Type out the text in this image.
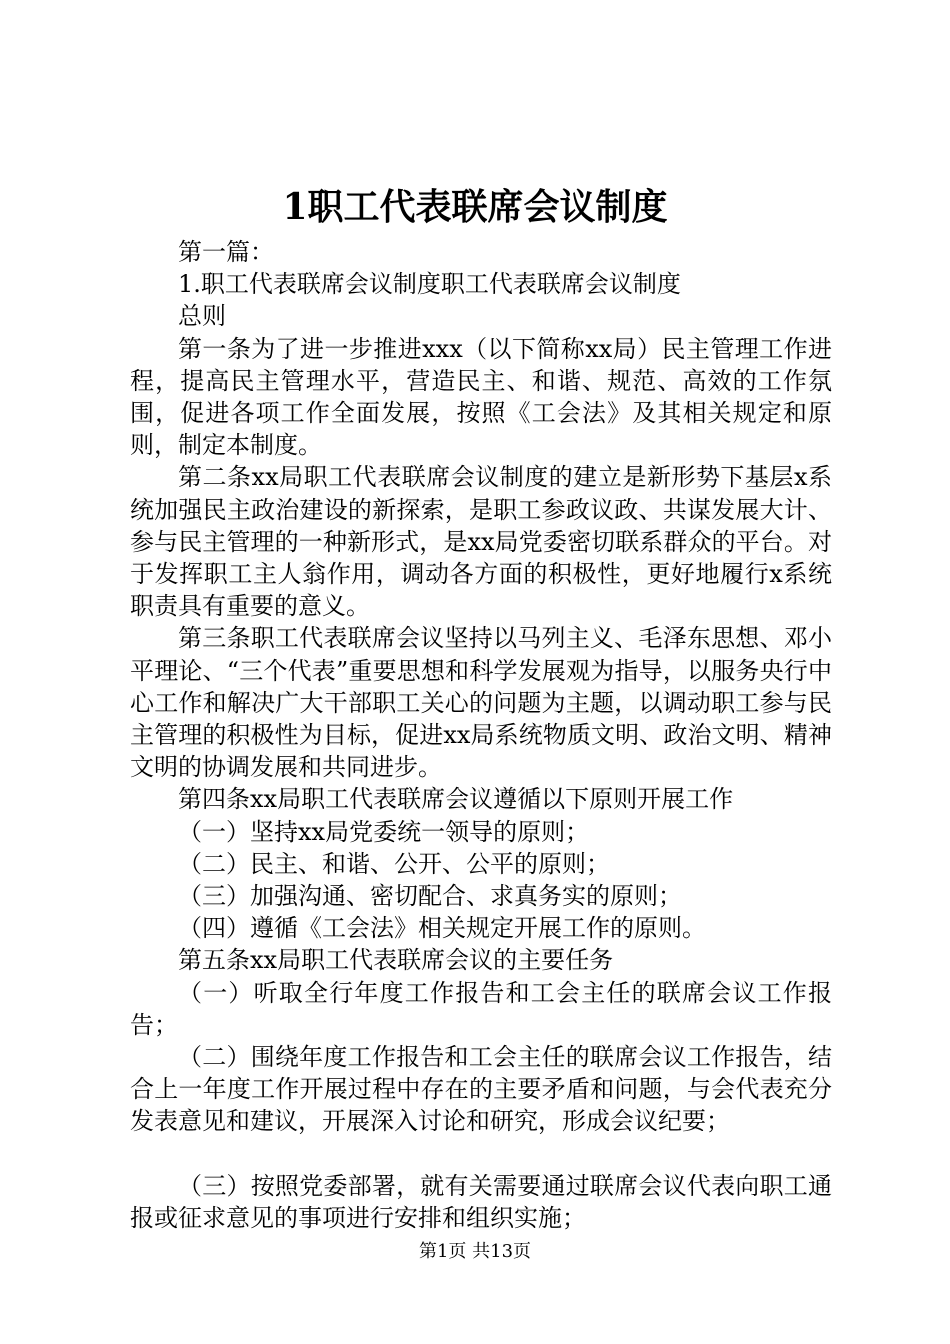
1职工代表联席会议制度

第一篇：

1.职工代表联席会议制度职工代表联席会议制度

总则

第一条为了进一步推进xxx（以下简称xx局）民主管理工作进程，提高民主管理水平，营造民主、和谐、规范、高效的工作氛围，促进各项工作全面发展，按照《工会法》及其相关规定和原则，制定本制度。

第二条xx局职工代表联席会议制度的建立是新形势下基层x系统加强民主政治建设的新探索，是职工参政议政、共谋发展大计、参与民主管理的一种新形式，是xx局党委密切联系群众的平台。对于发挥职工主人翁作用，调动各方面的积极性，更好地履行x系统职责具有重要的意义。

第三条职工代表联席会议坚持以马列主义、毛泽东思想、邓小平理论、“三个代表”重要思想和科学发展观为指导，以服务央行中心工作和解决广大干部职工关心的问题为主题，以调动职工参与民主管理的积极性为目标，促进xx局系统物质文明、政治文明、精神文明的协调发展和共同进步。

第四条xx局职工代表联席会议遵循以下原则开展工作

（一）坚持xx局党委统一领导的原则；

（二）民主、和谐、公开、公平的原则；

（三）加强沟通、密切配合、求真务实的原则；

（四）遵循《工会法》相关规定开展工作的原则。

第五条xx局职工代表联席会议的主要任务

（一）听取全行年度工作报告和工会主任的联席会议工作报告；

（二）围绕年度工作报告和工会主任的联席会议工作报告，结合上一年度工作开展过程中存在的主要矛盾和问题，与会代表充分发表意见和建议，开展深入讨论和研究，形成会议纪要；

（三）按照党委部署，就有关需要通过联席会议代表向职工通报或征求意见的事项进行安排和组织实施；

第1页 共13页
